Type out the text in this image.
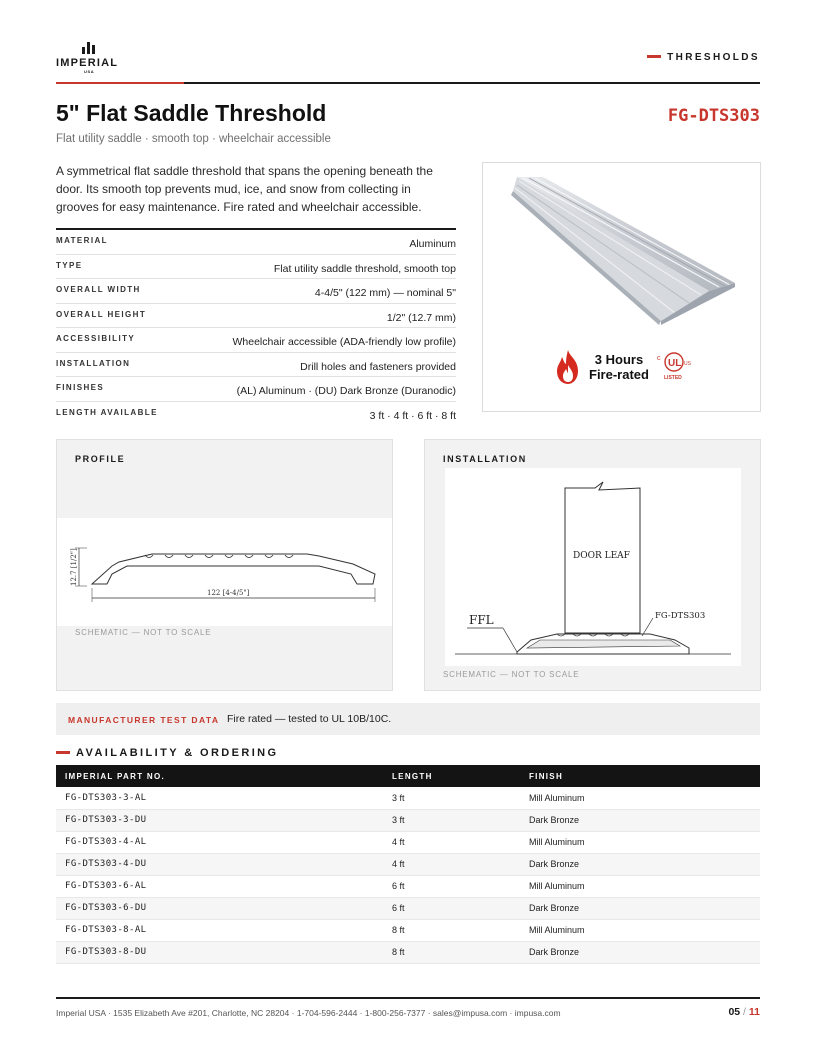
IMPERIAL
USA
THRESHOLDS
5" Flat Saddle Threshold	FG-DTS303
Flat utility saddle · smooth top · wheelchair accessible
A symmetrical flat saddle threshold that spans the opening beneath the door. Its smooth top prevents mud, ice, and snow from collecting in grooves for easy maintenance. Fire rated and wheelchair accessible.
MATERIAL	Aluminum
TYPE	Flat utility saddle threshold, smooth top
OVERALL WIDTH	4-4/5" (122 mm) — nominal 5"
OVERALL HEIGHT	1/2" (12.7 mm)
ACCESSIBILITY	Wheelchair accessible (ADA-friendly low profile)
INSTALLATION	Drill holes and fasteners provided
FINISHES	(AL) Aluminum · (DU) Dark Bronze (Duranodic)
LENGTH AVAILABLE	3 ft · 4 ft · 6 ft · 8 ft
3 Hours
Fire-rated
c UL US
LISTED
PROFILE
12.7 [1/2"]
122 [4-4/5"]
SCHEMATIC — NOT TO SCALE
INSTALLATION
DOOR LEAF
FFL	FG-DTS303
SCHEMATIC — NOT TO SCALE
MANUFACTURER TEST DATA Fire rated — tested to UL 10B/10C.
AVAILABILITY & ORDERING
IMPERIAL PART NO.	LENGTH	FINISH
FG-DTS303-3-AL	3 ft	Mill Aluminum
FG-DTS303-3-DU	3 ft	Dark Bronze
FG-DTS303-4-AL	4 ft	Mill Aluminum
FG-DTS303-4-DU	4 ft	Dark Bronze
FG-DTS303-6-AL	6 ft	Mill Aluminum
FG-DTS303-6-DU	6 ft	Dark Bronze
FG-DTS303-8-AL	8 ft	Mill Aluminum
FG-DTS303-8-DU	8 ft	Dark Bronze
Imperial USA · 1535 Elizabeth Ave #201, Charlotte, NC 28204 · 1-704-596-2444 · 1-800-256-7377 · sales@impusa.com · impusa.com	05 / 11
